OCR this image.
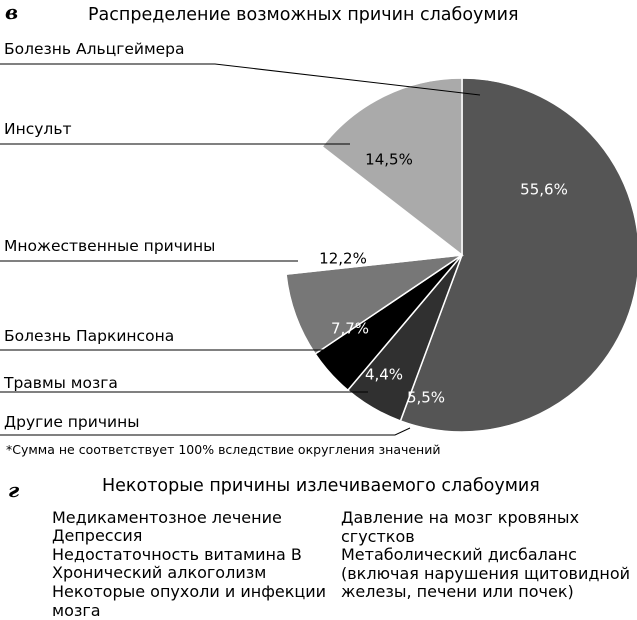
в	Распределение возможных причин слабоумия
55,6%
5,5%
4,4%
7,7%
12,2%
14,5%
Болезнь Альцгеймера
Инсульт
Множественные причины
Болезнь Паркинсона
Травмы мозга
Другие причины
*Сумма не соответствует 100% вследствие округления значений
г	Некоторые причины излечиваемого слабоумия
Медикаментозное лечение
Депрессия
Недостаточность витамина В
Хронический алкоголизм
Некоторые опухоли и инфекции мозга
Давление на мозг кровяных сгустков
Метаболический дисбаланс (включая нарушения щитовидной железы, печени или почек)
